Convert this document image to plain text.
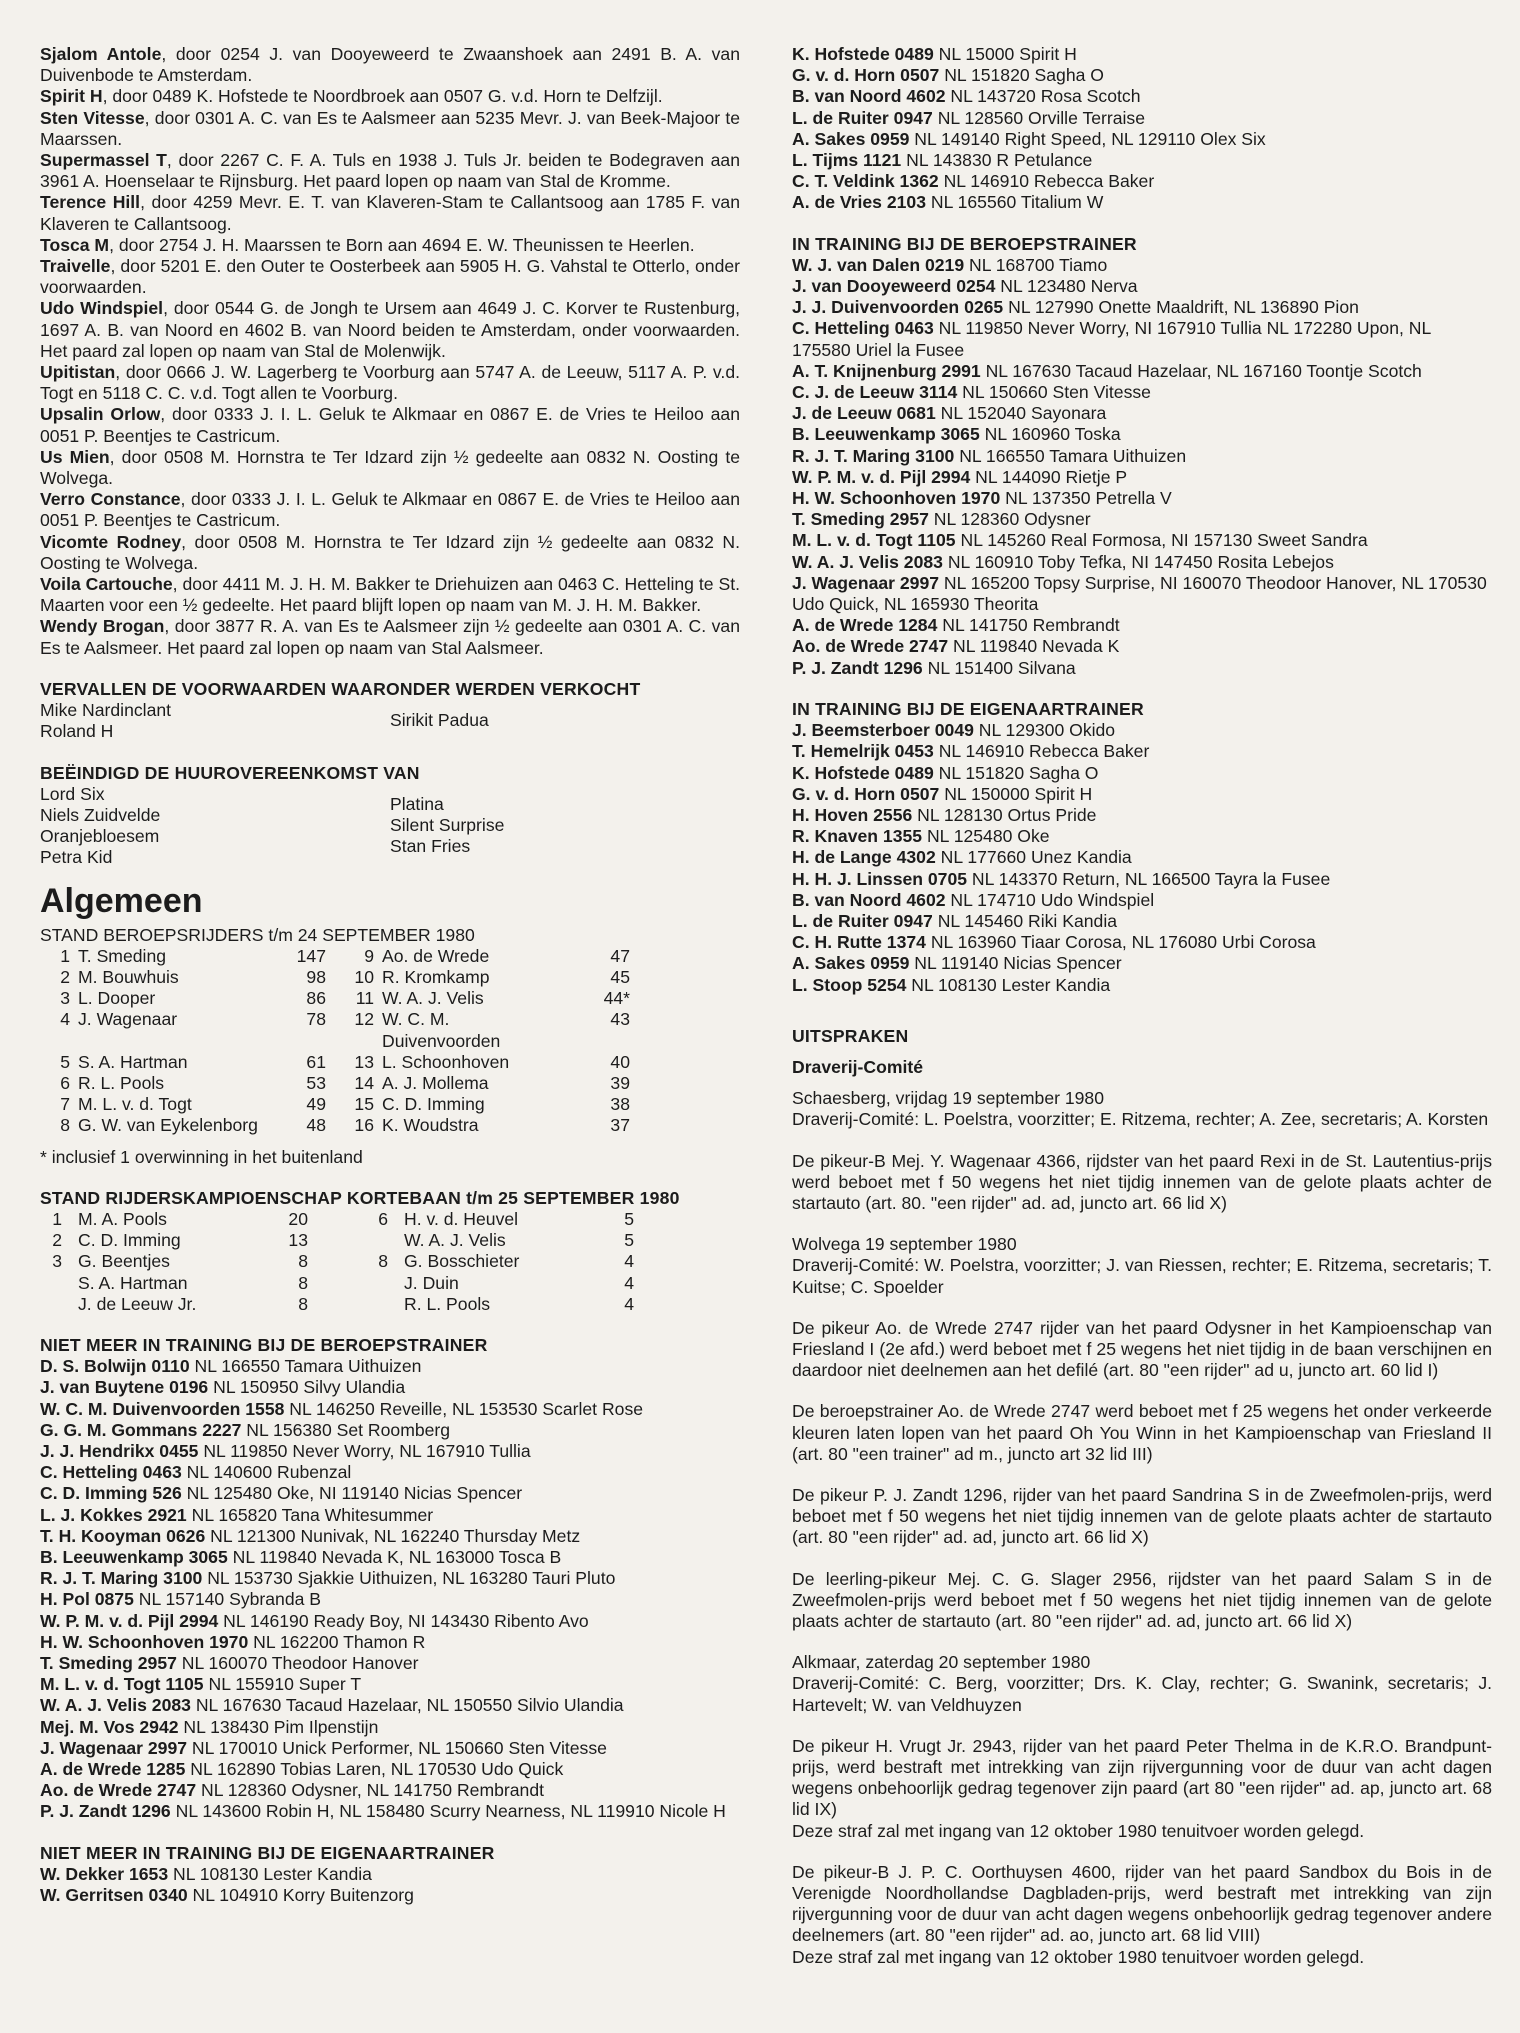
Sjalom Antole, door 0254 J. van Dooyeweerd te Zwaanshoek aan 2491 B. A. van Duivenbode te Amsterdam.

Spirit H, door 0489 K. Hofstede te Noordbroek aan 0507 G. v.d. Horn te Delfzijl.

Sten Vitesse, door 0301 A. C. van Es te Aalsmeer aan 5235 Mevr. J. van Beek-Majoor te Maarssen.

Supermassel T, door 2267 C. F. A. Tuls en 1938 J. Tuls Jr. beiden te Bodegraven aan 3961 A. Hoenselaar te Rijnsburg. Het paard lopen op naam van Stal de Kromme.

Terence Hill, door 4259 Mevr. E. T. van Klaveren-Stam te Callantsoog aan 1785 F. van Klaveren te Callantsoog.

Tosca M, door 2754 J. H. Maarssen te Born aan 4694 E. W. Theunissen te Heerlen.

Traivelle, door 5201 E. den Outer te Oosterbeek aan 5905 H. G. Vahstal te Otterlo, onder voorwaarden.

Udo Windspiel, door 0544 G. de Jongh te Ursem aan 4649 J. C. Korver te Rustenburg, 1697 A. B. van Noord en 4602 B. van Noord beiden te Amsterdam, onder voorwaarden. Het paard zal lopen op naam van Stal de Molenwijk.

Upitistan, door 0666 J. W. Lagerberg te Voorburg aan 5747 A. de Leeuw, 5117 A. P. v.d. Togt en 5118 C. C. v.d. Togt allen te Voorburg.

Upsalin Orlow, door 0333 J. I. L. Geluk te Alkmaar en 0867 E. de Vries te Heiloo aan 0051 P. Beentjes te Castricum.

Us Mien, door 0508 M. Hornstra te Ter Idzard zijn ½ gedeelte aan 0832 N. Oosting te Wolvega.

Verro Constance, door 0333 J. I. L. Geluk te Alkmaar en 0867 E. de Vries te Heiloo aan 0051 P. Beentjes te Castricum.

Vicomte Rodney, door 0508 M. Hornstra te Ter Idzard zijn ½ gedeelte aan 0832 N. Oosting te Wolvega.

Voila Cartouche, door 4411 M. J. H. M. Bakker te Driehuizen aan 0463 C. Hetteling te St. Maarten voor een ½ gedeelte. Het paard blijft lopen op naam van M. J. H. M. Bakker.

Wendy Brogan, door 3877 R. A. van Es te Aalsmeer zijn ½ gedeelte aan 0301 A. C. van Es te Aalsmeer. Het paard zal lopen op naam van Stal Aalsmeer.

VERVALLEN DE VOORWAARDEN WAARONDER WERDEN VERKOCHT
Mike Nardinclant
Roland H
Sirikit Padua
BEËINDIGD DE HUUROVEREENKOMST VAN
Lord Six
Niels Zuidvelde
Oranjebloesem
Petra Kid
Platina
Silent Surprise
Stan Fries
Algemeen
STAND BEROEPSRIJDERS t/m 24 SEPTEMBER 1980
1	T. Smeding	147	9	Ao. de Wrede	47
2	M. Bouwhuis	98	10	R. Kromkamp	45
3	L. Dooper	86	11	W. A. J. Velis	44*
4	J. Wagenaar	78	12	W. C. M. Duivenvoorden	43
5	S. A. Hartman	61	13	L. Schoonhoven	40
6	R. L. Pools	53	14	A. J. Mollema	39
7	M. L. v. d. Togt	49	15	C. D. Imming	38
8	G. W. van Eykelenborg	48	16	K. Woudstra	37
* inclusief 1 overwinning in het buitenland
STAND RIJDERSKAMPIOENSCHAP KORTEBAAN t/m 25 SEPTEMBER 1980
1	M. A. Pools	20	6	H. v. d. Heuvel	5
2	C. D. Imming	13		W. A. J. Velis	5
3	G. Beentjes	8	8	G. Bosschieter	4
	S. A. Hartman	8		J. Duin	4
	J. de Leeuw Jr.	8		R. L. Pools	4
NIET MEER IN TRAINING BIJ DE BEROEPSTRAINER

D. S. Bolwijn 0110 NL 166550 Tamara Uithuizen

J. van Buytene 0196 NL 150950 Silvy Ulandia

W. C. M. Duivenvoorden 1558 NL 146250 Reveille, NL 153530 Scarlet Rose

G. G. M. Gommans 2227 NL 156380 Set Roomberg

J. J. Hendrikx 0455 NL 119850 Never Worry, NL 167910 Tullia

C. Hetteling 0463 NL 140600 Rubenzal

C. D. Imming 526 NL 125480 Oke, NI 119140 Nicias Spencer

L. J. Kokkes 2921 NL 165820 Tana Whitesummer

T. H. Kooyman 0626 NL 121300 Nunivak, NL 162240 Thursday Metz

B. Leeuwenkamp 3065 NL 119840 Nevada K, NL 163000 Tosca B

R. J. T. Maring 3100 NL 153730 Sjakkie Uithuizen, NL 163280 Tauri Pluto

H. Pol 0875 NL 157140 Sybranda B

W. P. M. v. d. Pijl 2994 NL 146190 Ready Boy, NI 143430 Ribento Avo

H. W. Schoonhoven 1970 NL 162200 Thamon R

T. Smeding 2957 NL 160070 Theodoor Hanover

M. L. v. d. Togt 1105 NL 155910 Super T

W. A. J. Velis 2083 NL 167630 Tacaud Hazelaar, NL 150550 Silvio Ulandia

Mej. M. Vos 2942 NL 138430 Pim Ilpenstijn

J. Wagenaar 2997 NL 170010 Unick Performer, NL 150660 Sten Vitesse

A. de Wrede 1285 NL 162890 Tobias Laren, NL 170530 Udo Quick

Ao. de Wrede 2747 NL 128360 Odysner, NL 141750 Rembrandt

P. J. Zandt 1296 NL 143600 Robin H, NL 158480 Scurry Nearness, NL 119910 Nicole H

NIET MEER IN TRAINING BIJ DE EIGENAARTRAINER

W. Dekker 1653 NL 108130 Lester Kandia

W. Gerritsen 0340 NL 104910 Korry Buitenzorg

K. Hofstede 0489 NL 15000 Spirit H

G. v. d. Horn 0507 NL 151820 Sagha O

B. van Noord 4602 NL 143720 Rosa Scotch

L. de Ruiter 0947 NL 128560 Orville Terraise

A. Sakes 0959 NL 149140 Right Speed, NL 129110 Olex Six

L. Tijms 1121 NL 143830 R Petulance

C. T. Veldink 1362 NL 146910 Rebecca Baker

A. de Vries 2103 NL 165560 Titalium W

IN TRAINING BIJ DE BEROEPSTRAINER

W. J. van Dalen 0219 NL 168700 Tiamo

J. van Dooyeweerd 0254 NL 123480 Nerva

J. J. Duivenvoorden 0265 NL 127990 Onette Maaldrift, NL 136890 Pion

C. Hetteling 0463 NL 119850 Never Worry, NI 167910 Tullia NL 172280 Upon, NL 175580 Uriel la Fusee

A. T. Knijnenburg 2991 NL 167630 Tacaud Hazelaar, NL 167160 Toontje Scotch

C. J. de Leeuw 3114 NL 150660 Sten Vitesse

J. de Leeuw 0681 NL 152040 Sayonara

B. Leeuwenkamp 3065 NL 160960 Toska

R. J. T. Maring 3100 NL 166550 Tamara Uithuizen

W. P. M. v. d. Pijl 2994 NL 144090 Rietje P

H. W. Schoonhoven 1970 NL 137350 Petrella V

T. Smeding 2957 NL 128360 Odysner

M. L. v. d. Togt 1105 NL 145260 Real Formosa, NI 157130 Sweet Sandra

W. A. J. Velis 2083 NL 160910 Toby Tefka, NI 147450 Rosita Lebejos

J. Wagenaar 2997 NL 165200 Topsy Surprise, NI 160070 Theodoor Hanover, NL 170530 Udo Quick, NL 165930 Theorita

A. de Wrede 1284 NL 141750 Rembrandt

Ao. de Wrede 2747 NL 119840 Nevada K

P. J. Zandt 1296 NL 151400 Silvana

IN TRAINING BIJ DE EIGENAARTRAINER

J. Beemsterboer 0049 NL 129300 Okido

T. Hemelrijk 0453 NL 146910 Rebecca Baker

K. Hofstede 0489 NL 151820 Sagha O

G. v. d. Horn 0507 NL 150000 Spirit H

H. Hoven 2556 NL 128130 Ortus Pride

R. Knaven 1355 NL 125480 Oke

H. de Lange 4302 NL 177660 Unez Kandia

H. H. J. Linssen 0705 NL 143370 Return, NL 166500 Tayra la Fusee

B. van Noord 4602 NL 174710 Udo Windspiel

L. de Ruiter 0947 NL 145460 Riki Kandia

C. H. Rutte 1374 NL 163960 Tiaar Corosa, NL 176080 Urbi Corosa

A. Sakes 0959 NL 119140 Nicias Spencer

L. Stoop 5254 NL 108130 Lester Kandia

UITSPRAKEN
Draverij-Comité

Schaesberg, vrijdag 19 september 1980

Draverij-Comité: L. Poelstra, voorzitter; E. Ritzema, rechter; A. Zee, secretaris; A. Korsten

De pikeur-B Mej. Y. Wagenaar 4366, rijdster van het paard Rexi in de St. Lautentius-prijs werd beboet met f 50 wegens het niet tijdig innemen van de gelote plaats achter de startauto (art. 80. "een rijder" ad. ad, juncto art. 66 lid X)

Wolvega 19 september 1980

Draverij-Comité: W. Poelstra, voorzitter; J. van Riessen, rechter; E. Ritzema, secretaris; T. Kuitse; C. Spoelder

De pikeur Ao. de Wrede 2747 rijder van het paard Odysner in het Kampioenschap van Friesland I (2e afd.) werd beboet met f 25 wegens het niet tijdig in de baan verschijnen en daardoor niet deelnemen aan het defilé (art. 80 "een rijder" ad u, juncto art. 60 lid I)

De beroepstrainer Ao. de Wrede 2747 werd beboet met f 25 wegens het onder verkeerde kleuren laten lopen van het paard Oh You Winn in het Kampioenschap van Friesland II (art. 80 "een trainer" ad m., juncto art 32 lid III)

De pikeur P. J. Zandt 1296, rijder van het paard Sandrina S in de Zweefmolen-prijs, werd beboet met f 50 wegens het niet tijdig innemen van de gelote plaats achter de startauto (art. 80 "een rijder" ad. ad, juncto art. 66 lid X)

De leerling-pikeur Mej. C. G. Slager 2956, rijdster van het paard Salam S in de Zweefmolen-prijs werd beboet met f 50 wegens het niet tijdig innemen van de gelote plaats achter de startauto (art. 80 "een rijder" ad. ad, juncto art. 66 lid X)

Alkmaar, zaterdag 20 september 1980

Draverij-Comité: C. Berg, voorzitter; Drs. K. Clay, rechter; G. Swanink, secretaris; J. Hartevelt; W. van Veldhuyzen

De pikeur H. Vrugt Jr. 2943, rijder van het paard Peter Thelma in de K.R.O. Brandpunt-prijs, werd bestraft met intrekking van zijn rijvergunning voor de duur van acht dagen wegens onbehoorlijk gedrag tegenover zijn paard (art 80 "een rijder" ad. ap, juncto art. 68 lid IX)

Deze straf zal met ingang van 12 oktober 1980 tenuitvoer worden gelegd.

De pikeur-B J. P. C. Oorthuysen 4600, rijder van het paard Sandbox du Bois in de Verenigde Noordhollandse Dagbladen-prijs, werd bestraft met intrekking van zijn rijvergunning voor de duur van acht dagen wegens onbehoorlijk gedrag tegenover andere deelnemers (art. 80 "een rijder" ad. ao, juncto art. 68 lid VIII)

Deze straf zal met ingang van 12 oktober 1980 tenuitvoer worden gelegd.
